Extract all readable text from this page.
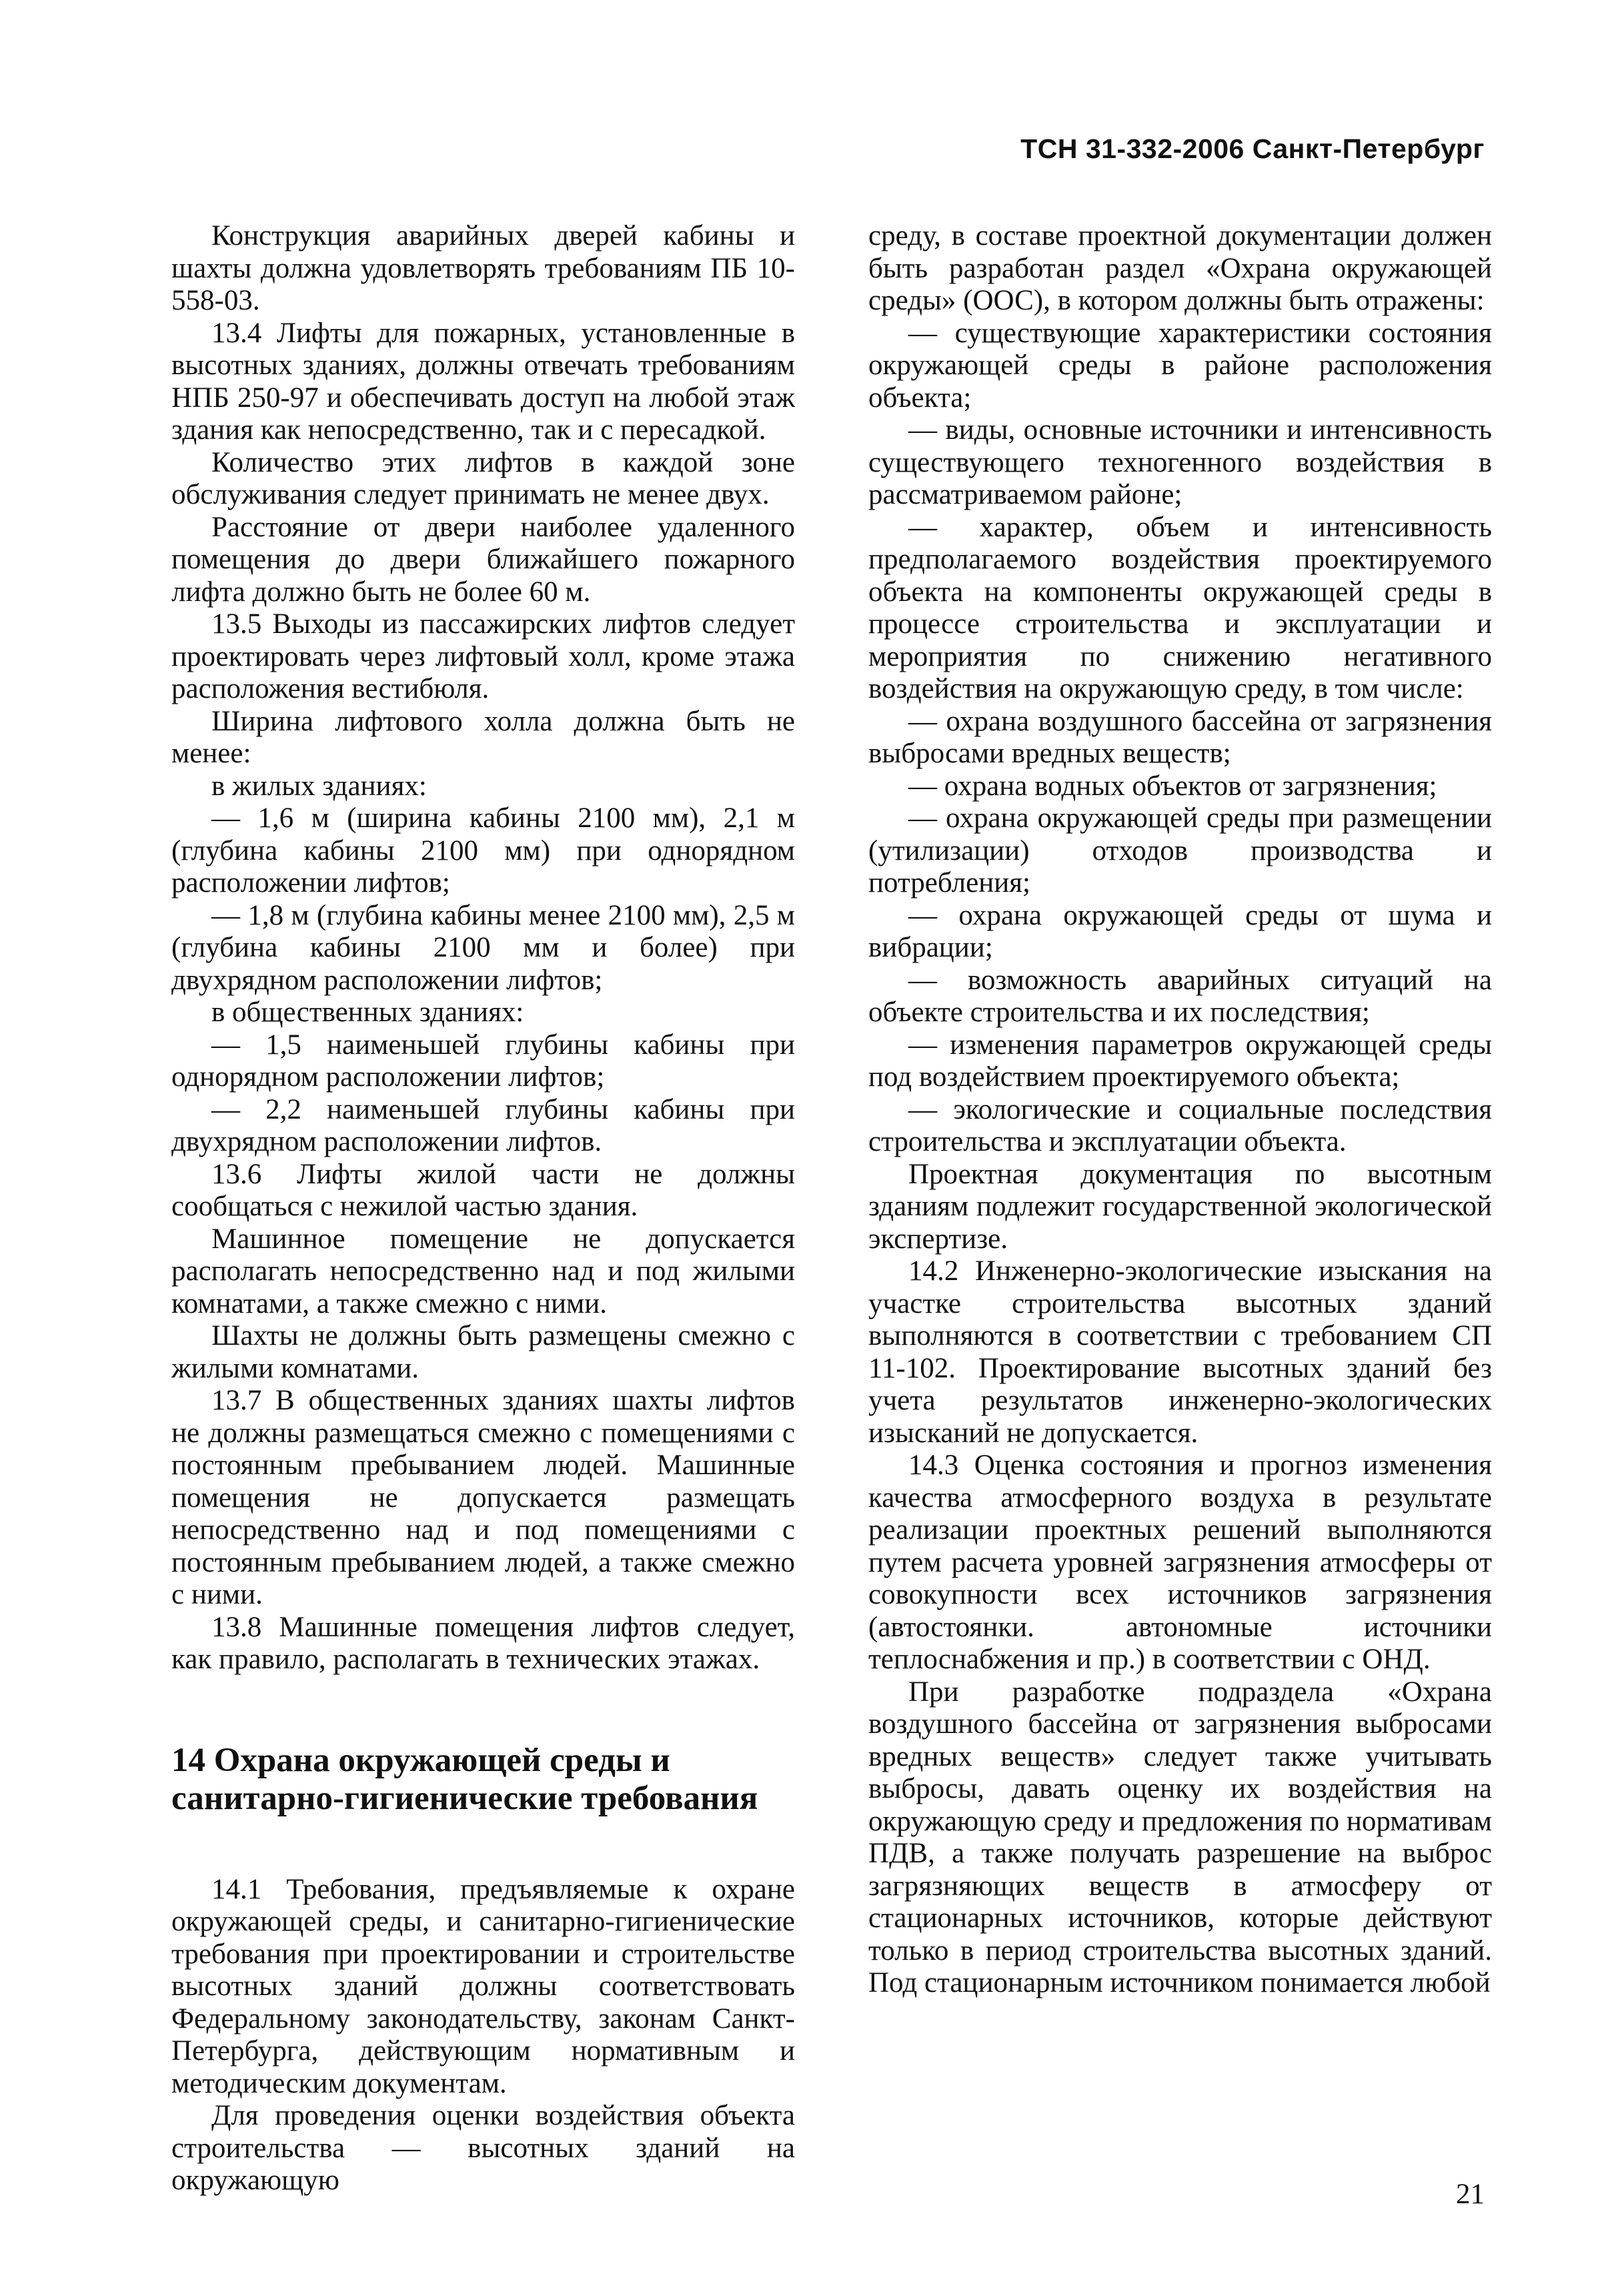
ТСН 31-332-2006 Санкт-Петербург

Конструкция аварийных дверей кабины и шахты должна удовлетворять требованиям ПБ 10-558-03.

13.4 Лифты для пожарных, установленные в высотных зданиях, должны отвечать требованиям НПБ 250-97 и обеспечивать доступ на любой этаж здания как непосредственно, так и с пересадкой.

Количество этих лифтов в каждой зоне обслуживания следует принимать не менее двух.

Расстояние от двери наиболее удаленного помещения до двери ближайшего пожарного лифта должно быть не более 60 м.

13.5 Выходы из пассажирских лифтов следует проектировать через лифтовый холл, кроме этажа расположения вестибюля.

Ширина лифтового холла должна быть не менее:

в жилых зданиях:

— 1,6 м (ширина кабины 2100 мм), 2,1 м (глубина кабины 2100 мм) при однорядном расположении лифтов;

— 1,8 м (глубина кабины менее 2100 мм), 2,5 м (глубина кабины 2100 мм и более) при двухрядном расположении лифтов;

в общественных зданиях:

— 1,5 наименьшей глубины кабины при однорядном расположении лифтов;

— 2,2 наименьшей глубины кабины при двухрядном расположении лифтов.

13.6 Лифты жилой части не должны сообщаться с нежилой частью здания.

Машинное помещение не допускается располагать непосредственно над и под жилыми комнатами, а также смежно с ними.

Шахты не должны быть размещены смежно с жилыми комнатами.

13.7 В общественных зданиях шахты лифтов не должны размещаться смежно с помещениями с постоянным пребыванием людей. Машинные помещения не допускается размещать непосредственно над и под помещениями с постоянным пребыванием людей, а также смежно с ними.

13.8 Машинные помещения лифтов следует, как правило, располагать в технических этажах.

14 Охрана окружающей среды и санитарно-гигиенические требования

14.1 Требования, предъявляемые к охране окружающей среды, и санитарно-гигиенические требования при проектировании и строительстве высотных зданий должны соответствовать Федеральному законодательству, законам Санкт-Петербурга, действующим нормативным и методическим документам.

Для проведения оценки воздействия объекта строительства — высотных зданий на окружающую

среду, в составе проектной документации должен быть разработан раздел «Охрана окружающей среды» (ООС), в котором должны быть отражены:

— существующие характеристики состояния окружающей среды в районе расположения объекта;

— виды, основные источники и интенсивность существующего техногенного воздействия в рассматриваемом районе;

— характер, объем и интенсивность предполагаемого воздействия проектируемого объекта на компоненты окружающей среды в процессе строительства и эксплуатации и мероприятия по снижению негативного воздействия на окружающую среду, в том числе:

— охрана воздушного бассейна от загрязнения выбросами вредных веществ;

— охрана водных объектов от загрязнения;

— охрана окружающей среды при размещении (утилизации) отходов производства и потребления;

— охрана окружающей среды от шума и вибрации;

— возможность аварийных ситуаций на объекте строительства и их последствия;

— изменения параметров окружающей среды под воздействием проектируемого объекта;

— экологические и социальные последствия строительства и эксплуатации объекта.

Проектная документация по высотным зданиям подлежит государственной экологической экспертизе.

14.2 Инженерно-экологические изыскания на участке строительства высотных зданий выполняются в соответствии с требованием СП 11-102. Проектирование высотных зданий без учета результатов инженерно-экологических изысканий не допускается.

14.3 Оценка состояния и прогноз изменения качества атмосферного воздуха в результате реализации проектных решений выполняются путем расчета уровней загрязнения атмосферы от совокупности всех источников загрязнения (автостоянки. автономные источники теплоснабжения и пр.) в соответствии с ОНД.

При разработке подраздела «Охрана воздушного бассейна от загрязнения выбросами вредных веществ» следует также учитывать выбросы, давать оценку их воздействия на окружающую среду и предложения по нормативам ПДВ, а также получать разрешение на выброс загрязняющих веществ в атмосферу от стационарных источников, которые действуют только в период строительства высотных зданий. Под стационарным источником понимается любой

21
